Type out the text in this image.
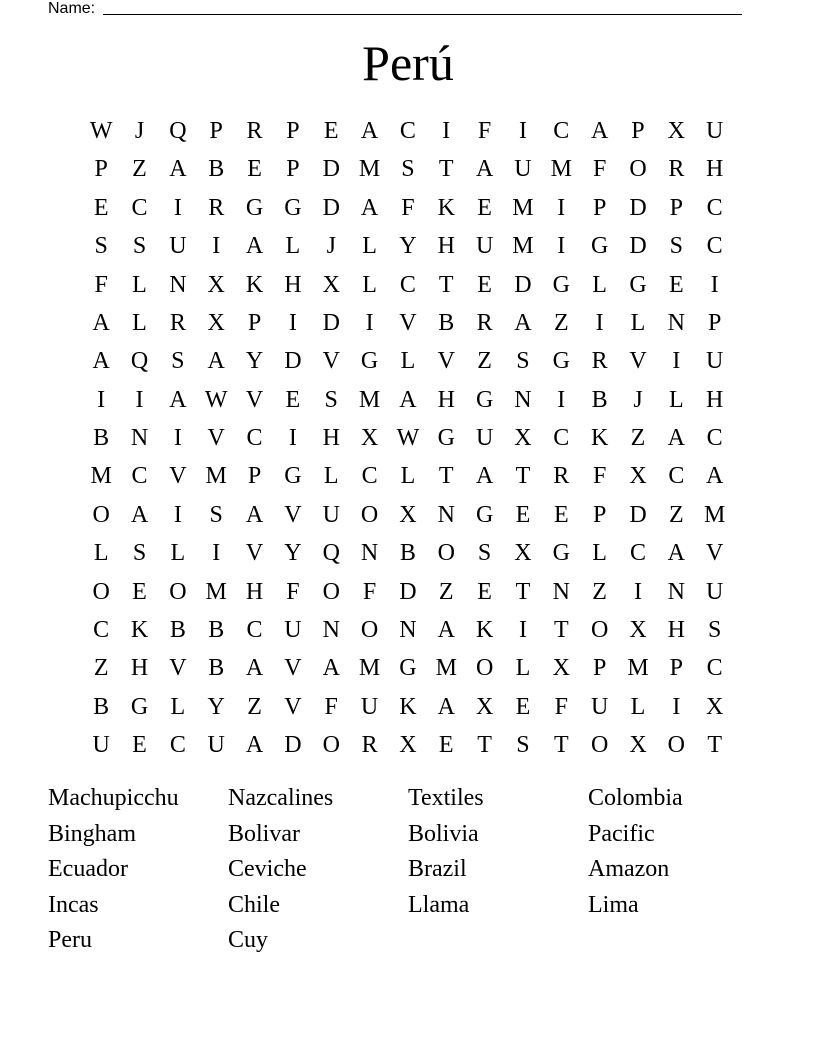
Name:
Perú
W J	Q P R P	E A C	I	F	I	C A P X U
P	Z A B E	P D M S	T A U M F O R H
E C	I	R G G D A F K E M I	P D P C
S	S U	I	A L	J	L Y H U M I	G D S C
F	L N X K H X L C T E D G L G E	I
A L R X P	I	D	I	V B R A Z	I	L N P
A Q S A Y D V G L V Z	S G R V	I	U
I	I	A W V E	S M A H G N	I	B	J	L H
B N	I	V C	I	H X W G U X C K Z A C
M C V M P G L C L T A T R F X C A
O A	I	S A V U O X N G E E	P D Z M
L	S	L	I	V Y Q N B O S X G L C A V
O E O M H F O F D Z E T N Z	I	N U
C K B B C U N O N A K	I	T O X H S
Z H V B A V A M G M O L X P M P C
B G L Y Z V F U K A X E	F U L	I	X
U E C U A D O R X E T	S	T O X O T
Machupicchu	Nazcalines	Textiles	Colombia
Bingham	Bolivar	Bolivia	Pacific
Ecuador	Ceviche	Brazil	Amazon
Incas	Chile	Llama	Lima
Peru	Cuy
